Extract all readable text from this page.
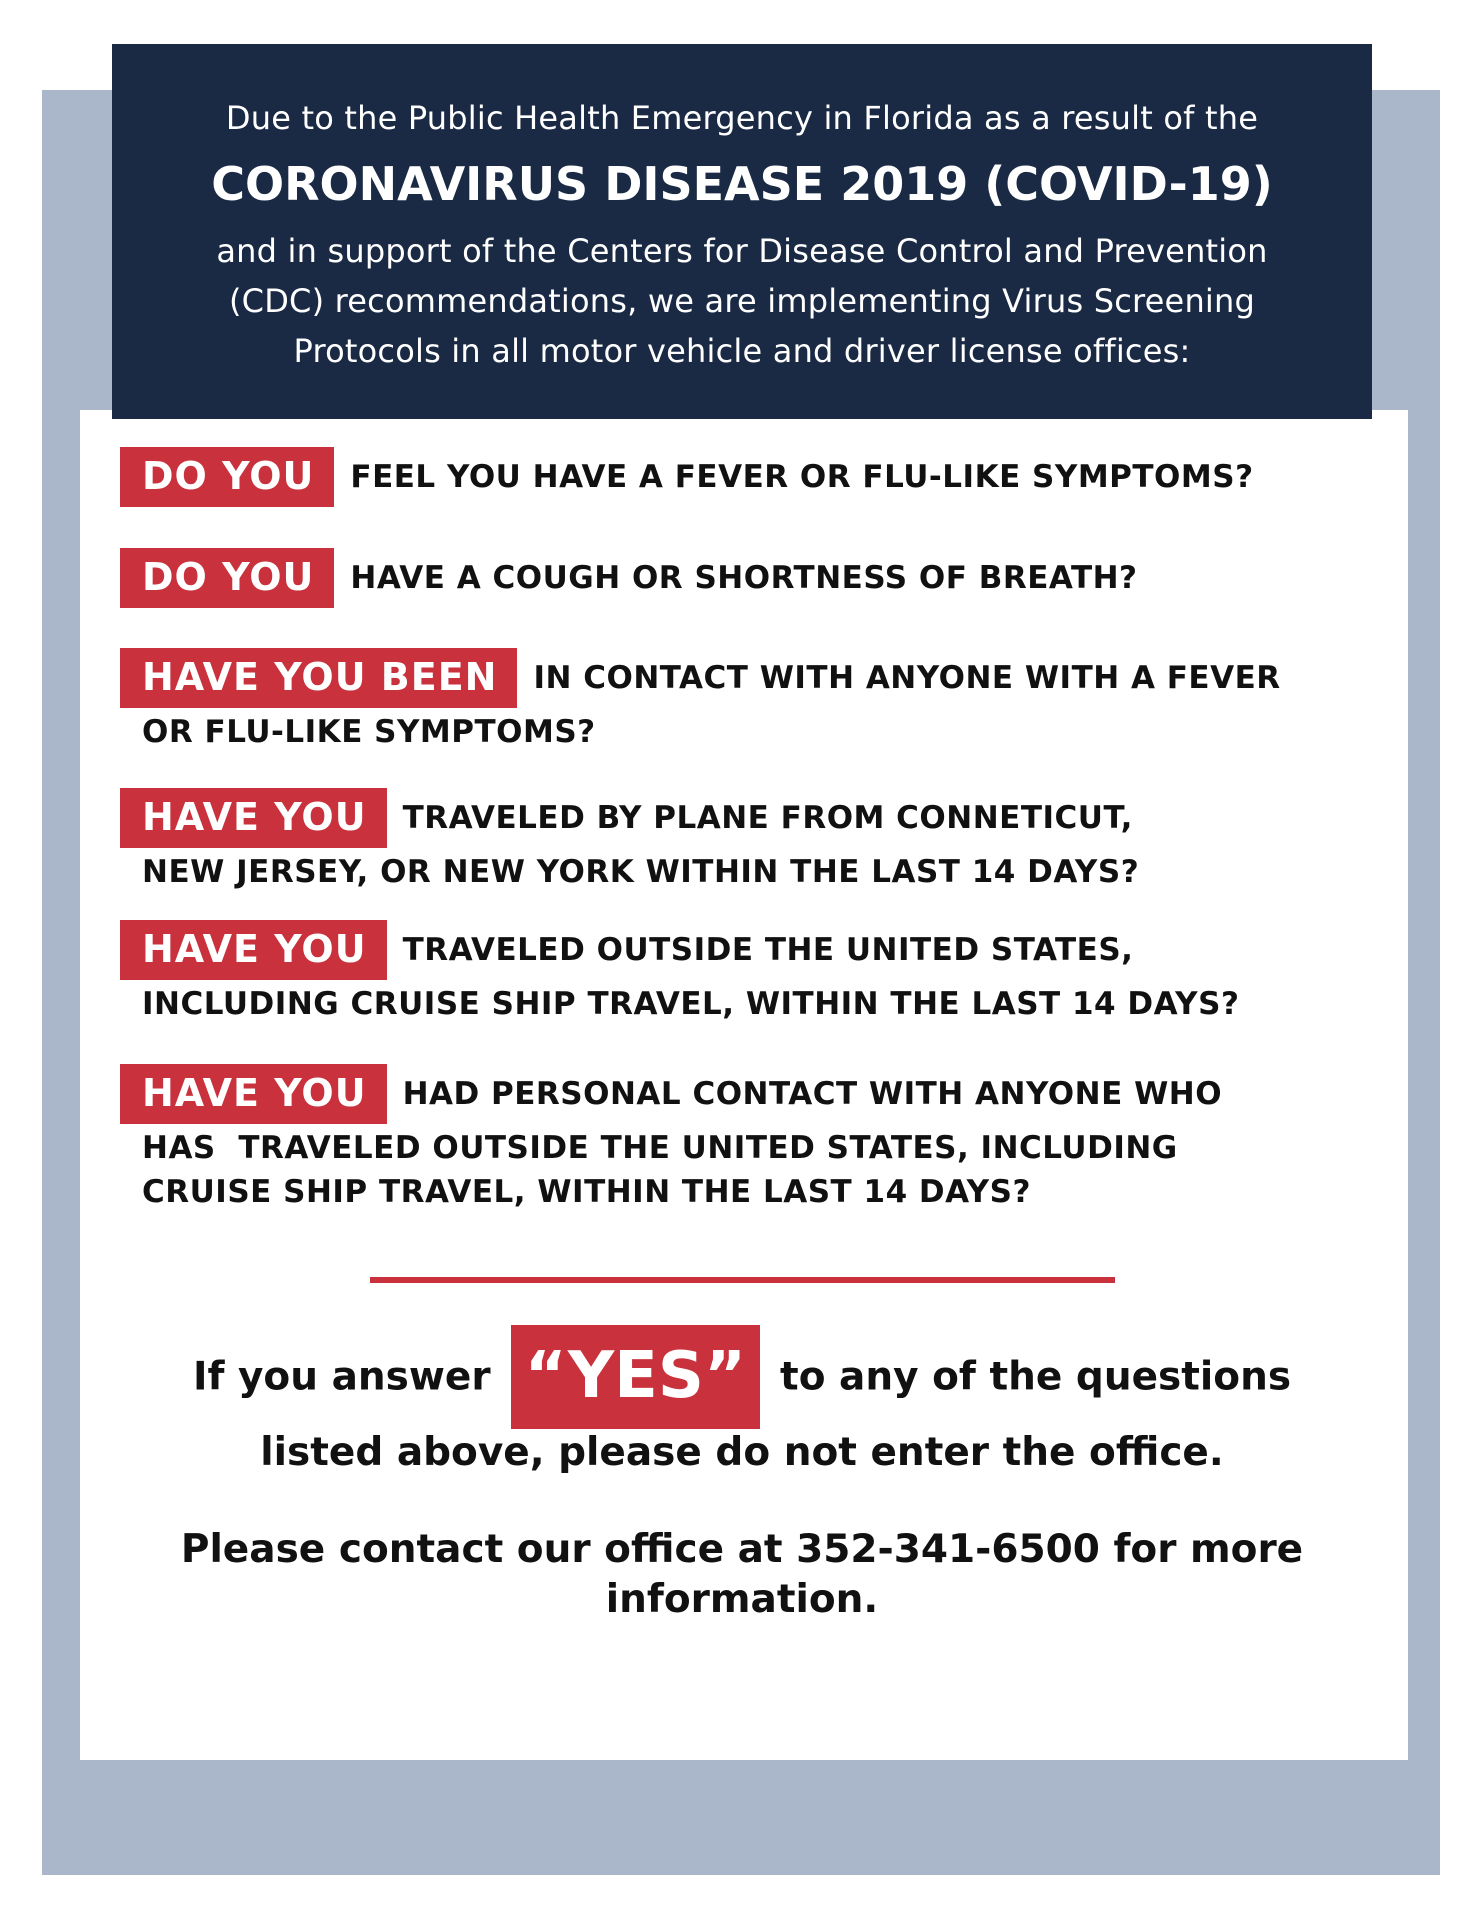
Due to the Public Health Emergency in Florida as a result of the

CORONAVIRUS DISEASE 2019 (COVID-19)

and in support of the Centers for Disease Control and Prevention

(CDC) recommendations, we are implementing Virus Screening

Protocols in all motor vehicle and driver license offices:

DO YOU FEEL YOU HAVE A FEVER OR FLU-LIKE SYMPTOMS?
DO YOU HAVE A COUGH OR SHORTNESS OF BREATH?
HAVE YOU BEEN IN CONTACT WITH ANYONE WITH A FEVER
OR FLU-LIKE SYMPTOMS?
HAVE YOU TRAVELED BY PLANE FROM CONNETICUT,
NEW JERSEY, OR NEW YORK WITHIN THE LAST 14 DAYS?
HAVE YOU TRAVELED OUTSIDE THE UNITED STATES,
INCLUDING CRUISE SHIP TRAVEL, WITHIN THE LAST 14 DAYS?
HAVE YOU HAD PERSONAL CONTACT WITH ANYONE WHO
HAS  TRAVELED OUTSIDE THE UNITED STATES, INCLUDING
CRUISE SHIP TRAVEL, WITHIN THE LAST 14 DAYS?
If you answer “YES” to any of the questions
listed above, please do not enter the office.
Please contact our office at 352-341-6500 for more
information.
